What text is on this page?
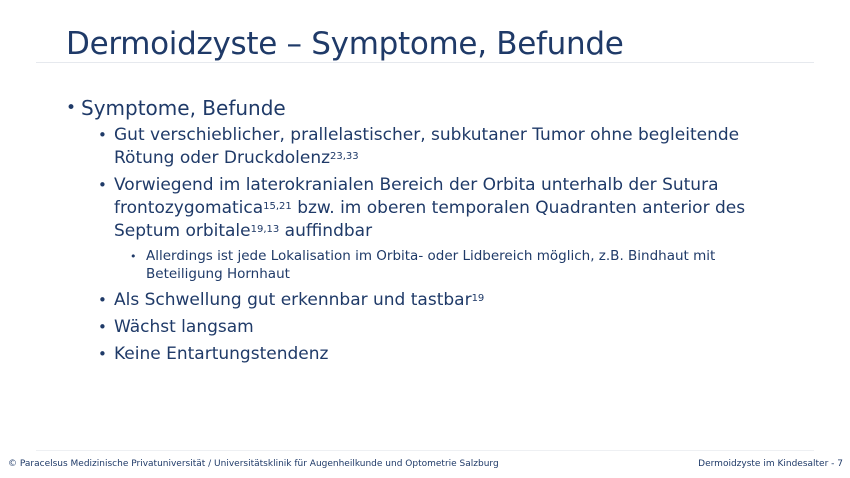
Dermoidzyste – Symptome, Befunde
• Symptome, Befunde
• Gut verschieblicher, prallelastischer, subkutaner Tumor ohne begleitende Rötung oder Druckdolenz$^{23,33}$
• Vorwiegend im laterokranialen Bereich der Orbita unterhalb der Sutura frontozygomatica$^{15,21}$ bzw. im oberen temporalen Quadranten anterior des Septum orbitale$^{19,13}$ auffindbar
• Allerdings ist jede Lokalisation im Orbita- oder Lidbereich möglich, z.B. Bindhaut mit Beteiligung Hornhaut
• Als Schwellung gut erkennbar und tastbar$^{19}$
• Wächst langsam
• Keine Entartungstendenz
© Paracelsus Medizinische Privatuniversität / Universitätsklinik für Augenheilkunde und Optometrie Salzburg	Dermoidzyste im Kindesalter - 7
